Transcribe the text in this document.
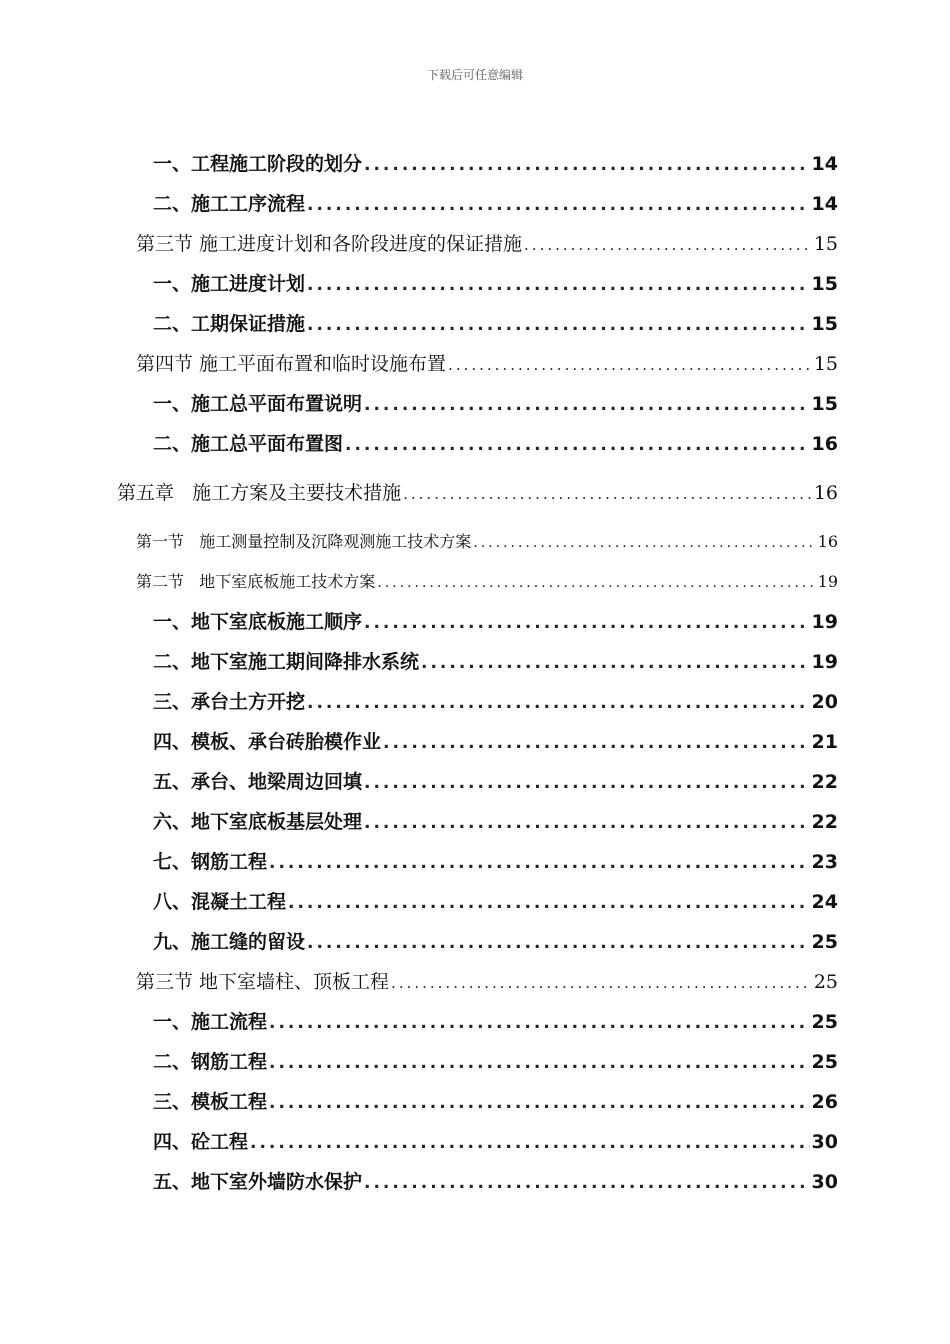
下载后可任意编辑
一、工程施工阶段的划分 .....	14
二、施工工序流程 .....	14
第三节 施工进度计划和各阶段进度的保证措施 .....	15
一、施工进度计划 .....	15
二、工期保证措施 .....	15
第四节 施工平面布置和临时设施布置 .....	15
一、施工总平面布置说明 .....	15
二、施工总平面布置图 .....	16
第五章   施工方案及主要技术措施 .....	16
第一节   施工测量控制及沉降观测施工技术方案 .....	16
第二节   地下室底板施工技术方案 .....	19
一、地下室底板施工顺序 .....	19
二、地下室施工期间降排水系统 .....	19
三、承台土方开挖 .....	20
四、模板、承台砖胎模作业 .....	21
五、承台、地梁周边回填 .....	22
六、地下室底板基层处理 .....	22
七、钢筋工程 .....	23
八、混凝土工程 .....	24
九、施工缝的留设 .....	25
第三节 地下室墙柱、顶板工程 .....	25
一、施工流程 .....	25
二、钢筋工程 .....	25
三、模板工程 .....	26
四、砼工程 .....	30
五、地下室外墙防水保护 .....	30
